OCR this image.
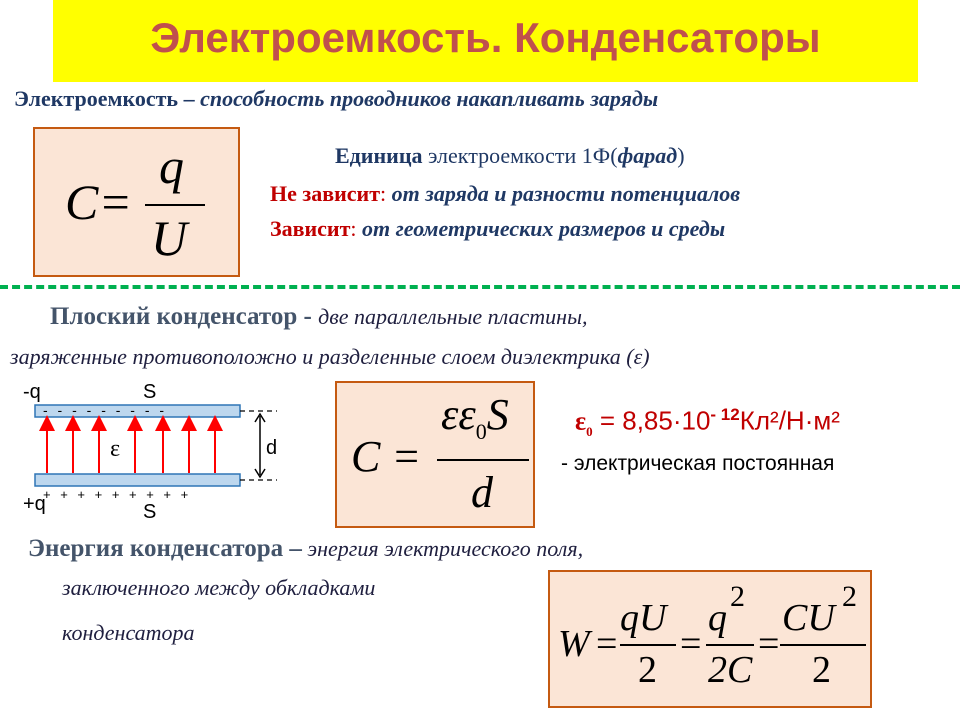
Электроемкость. Конденсаторы
Электроемкость – способность проводников накапливать заряды
C=
q
U
Единица электроемкости 1Ф(фарад)
Не зависит: от заряда и разности потенциалов
Зависит: от геометрических размеров и среды
Плоский конденсатор - две параллельные пластины,
заряженные противоположно и разделенные слоем диэлектрика (ε)
-q	S
- - - - - - - - -
ε	d
+ + + + + + + + +
+q	S
C =
$\varepsilon\varepsilon_0S$
d
$\varepsilon_0 = 8,85\cdot 10^{- 12}Кл^2/Н\cdot м^2$
- электрическая постоянная
Энергия конденсатора – энергия электрического поля,
заключенного между обкладками
конденсатора	W =
qU
2
=
q
2
2C
=
CU
2
2
